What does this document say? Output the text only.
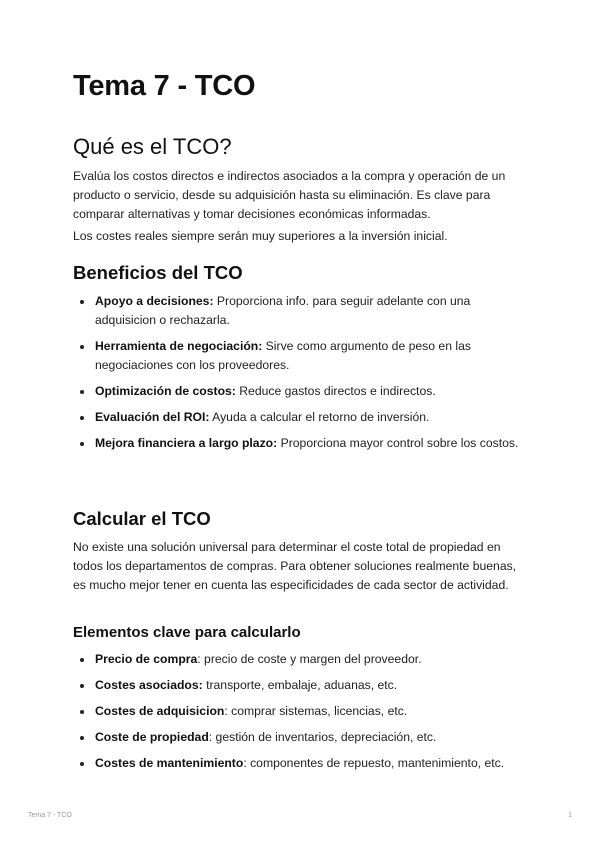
Tema 7 - TCO
Qué es el TCO?

Evalúa los costos directos e indirectos asociados a la compra y operación de un producto o servicio, desde su adquisición hasta su eliminación. Es clave para comparar alternativas y tomar decisiones económicas informadas.

Los costes reales siempre serán muy superiores a la inversión inicial.

Beneficios del TCO
Apoyo a decisiones: Proporciona info. para seguir adelante con una adquisicion o rechazarla.
Herramienta de negociación: Sirve como argumento de peso en las negociaciones con los proveedores.
Optimización de costos: Reduce gastos directos e indirectos.
Evaluación del ROI: Ayuda a calcular el retorno de inversión.
Mejora financiera a largo plazo: Proporciona mayor control sobre los costos.
Calcular el TCO

No existe una solución universal para determinar el coste total de propiedad en todos los departamentos de compras. Para obtener soluciones realmente buenas, es mucho mejor tener en cuenta las especificidades de cada sector de actividad.

Elementos clave para calcularlo
Precio de compra: precio de coste y margen del proveedor.
Costes asociados: transporte, embalaje, aduanas, etc.
Costes de adquisicion: comprar sistemas, licencias, etc.
Coste de propiedad: gestión de inventarios, depreciación, etc.
Costes de mantenimiento: componentes de repuesto, mantenimiento, etc.
Tema 7 - TCO	1
